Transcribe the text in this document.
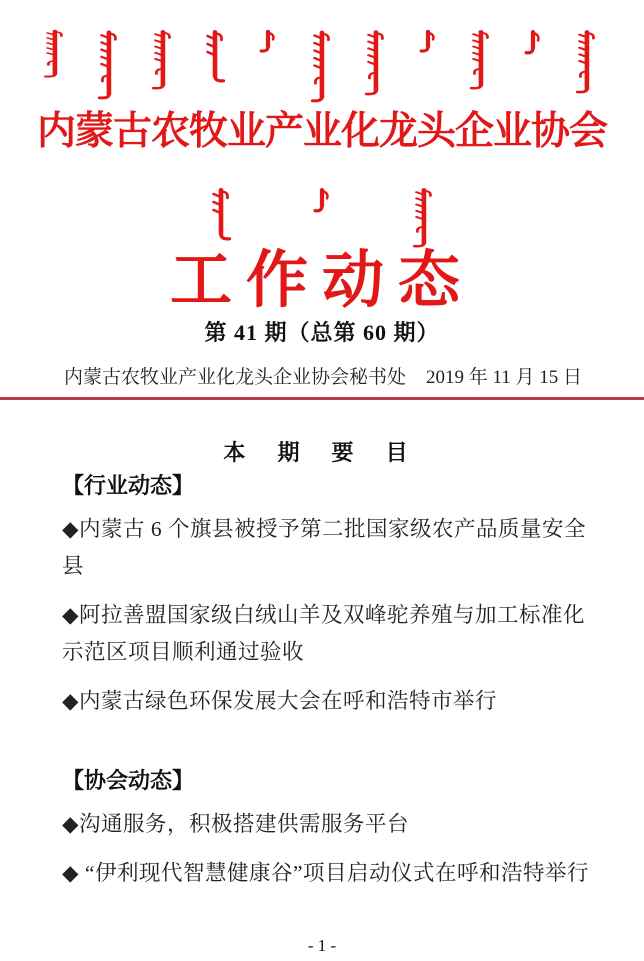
内蒙古农牧业产业化龙头企业协会
工作动态
第 41 期（总第 60 期）
内蒙古农牧业产业化龙头企业协会秘书处 2019 年 11 月 15 日
本 期 要 目
【行业动态】
◆内蒙古 6 个旗县被授予第二批国家级农产品质量安全县
◆阿拉善盟国家级白绒山羊及双峰驼养殖与加工标准化示范区项目顺利通过验收
◆内蒙古绿色环保发展大会在呼和浩特市举行
【协会动态】
◆沟通服务，积极搭建供需服务平台
◆ “伊利现代智慧健康谷”项目启动仪式在呼和浩特举行
- 1 -
